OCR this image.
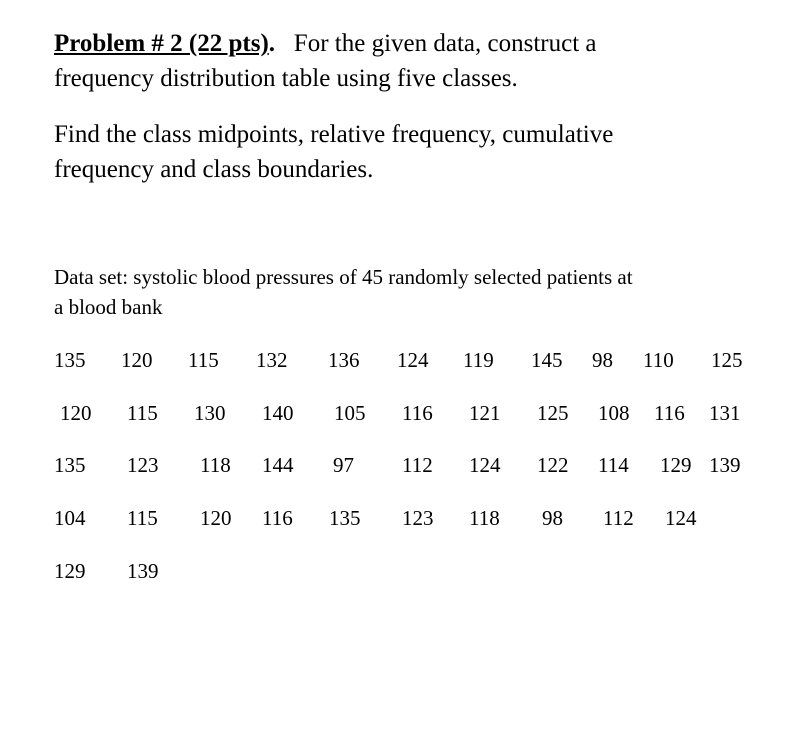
Problem # 2 (22 pts). For the given data, construct a
frequency distribution table using five classes.
Find the class midpoints, relative frequency, cumulative
frequency and class boundaries.
Data set: systolic blood pressures of 45 randomly selected patients at
a blood bank
135 120 115 132 136 124 119 145 98 110 125
120 115 130 140 105 116 121 125 108 116 131
135 123 118 144 97 112 124 122 114 129 139
104 115 120 116 135 123 118 98 112 124
129 139
